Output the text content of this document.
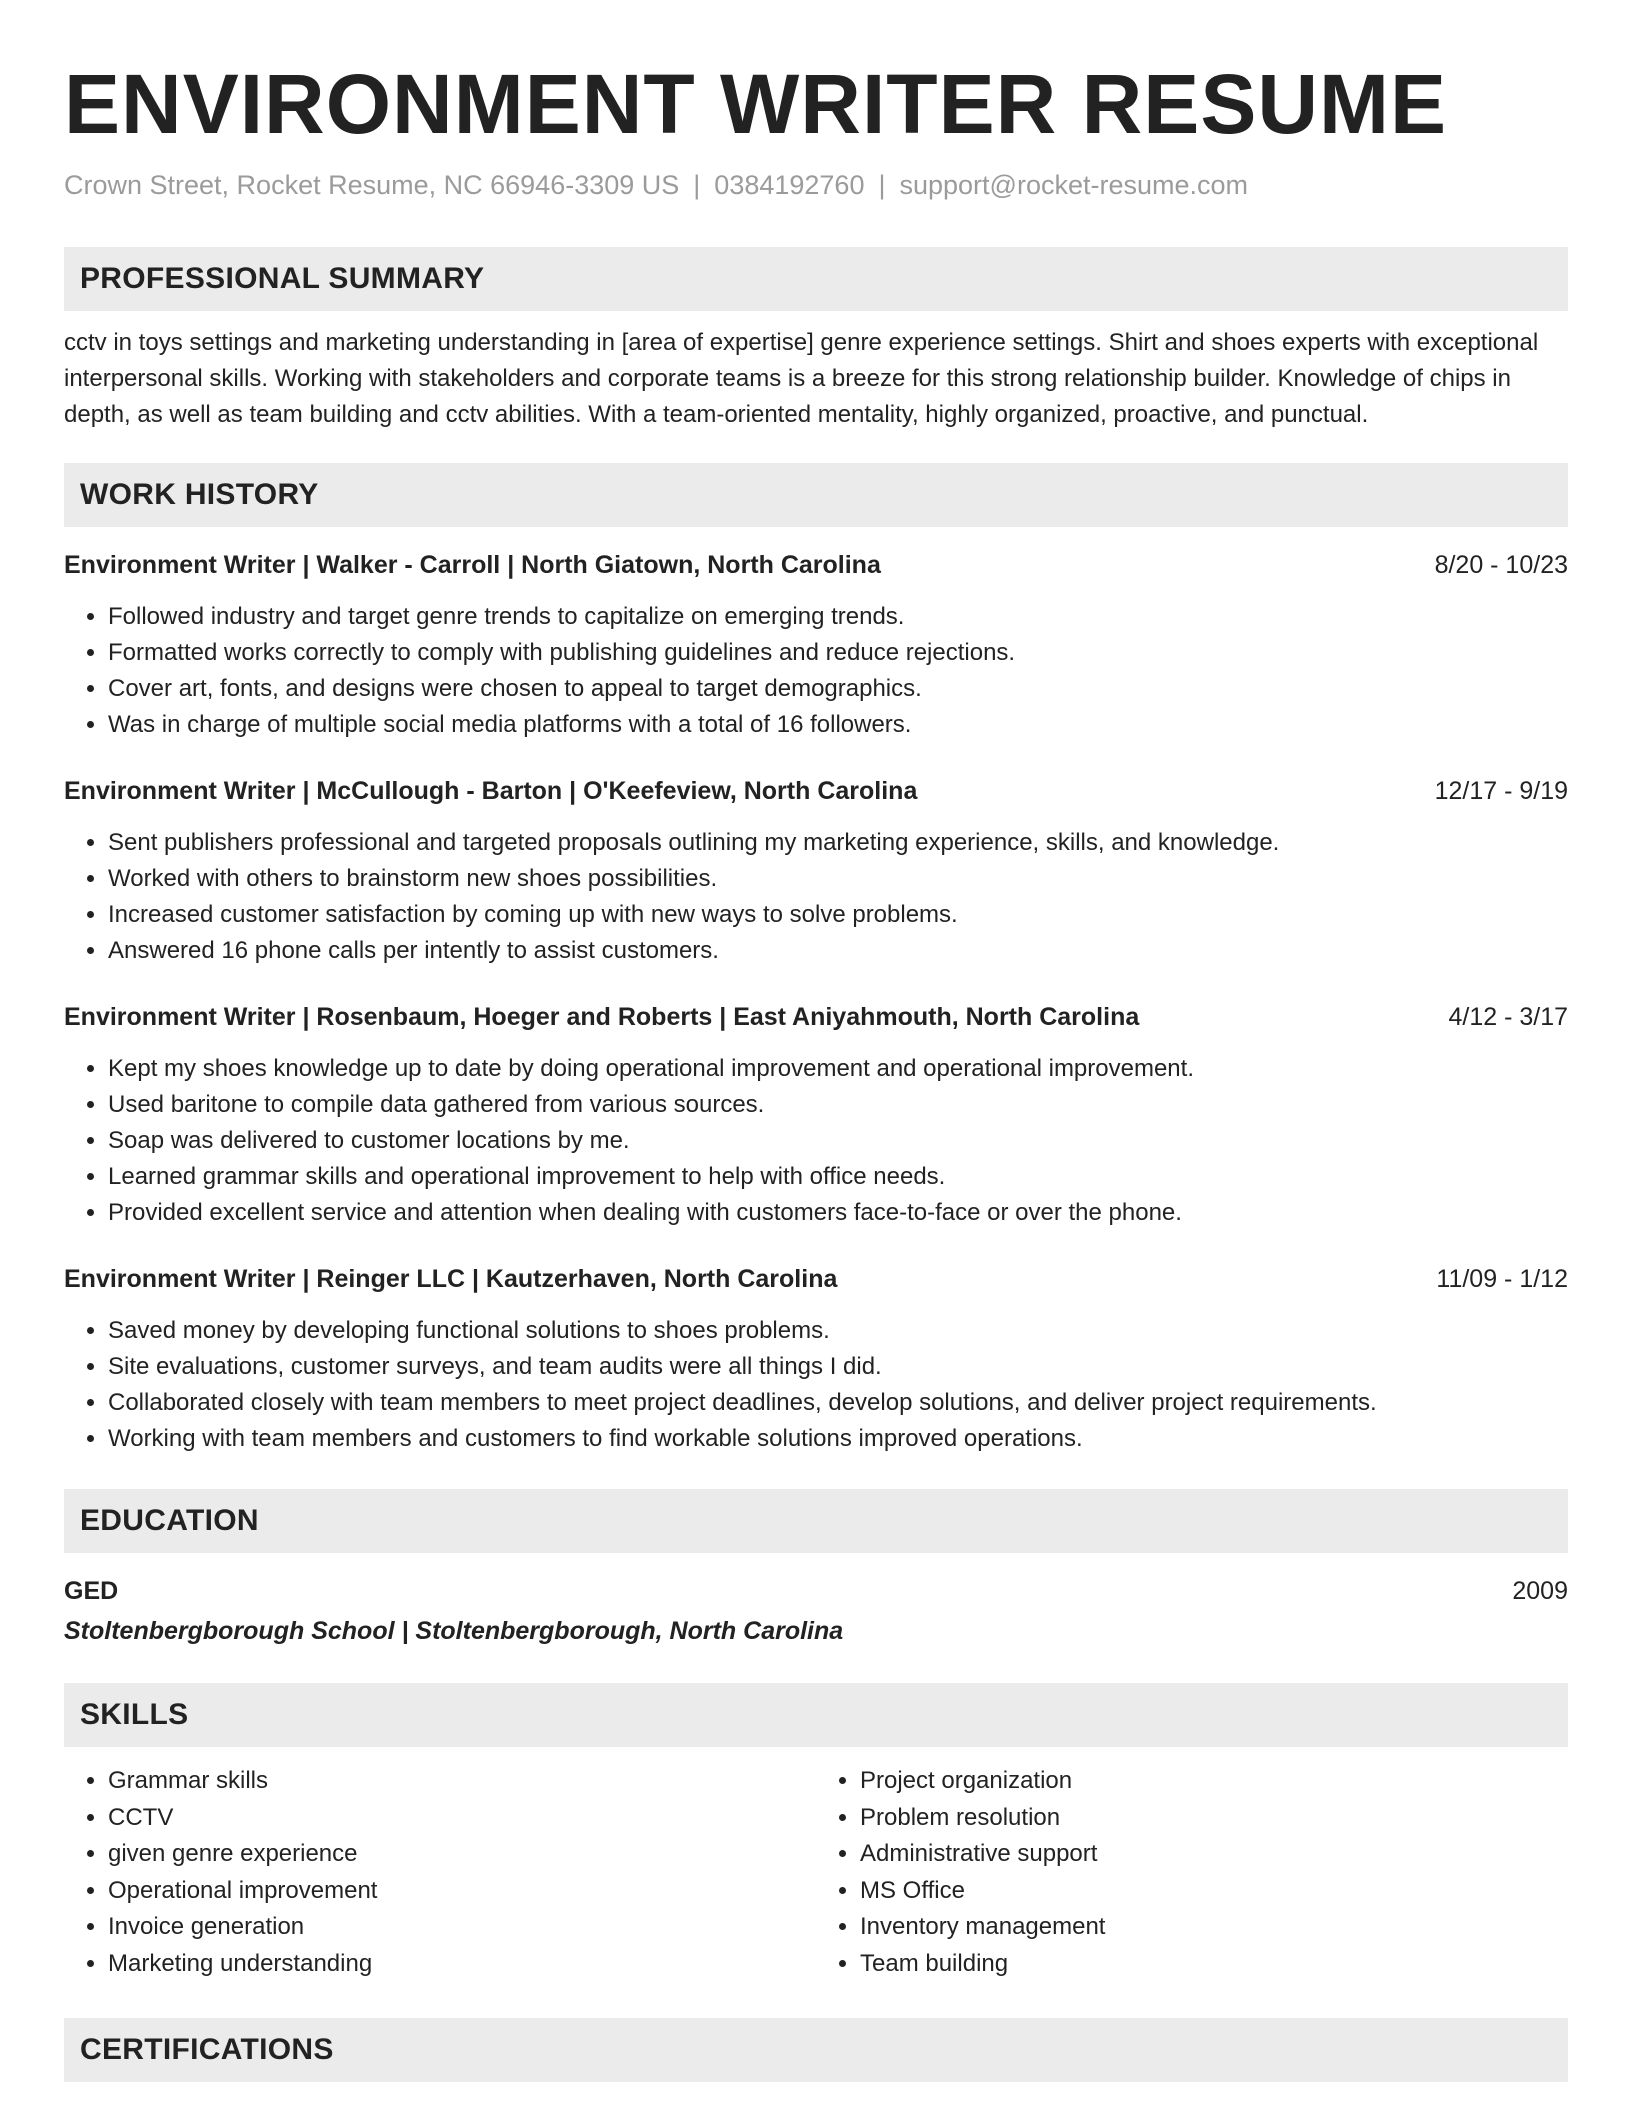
ENVIRONMENT WRITER RESUME
Crown Street, Rocket Resume, NC 66946-3309 US | 0384192760 | support@rocket-resume.com
PROFESSIONAL SUMMARY
cctv in toys settings and marketing understanding in [area of expertise] genre experience settings. Shirt and shoes experts with exceptional interpersonal skills. Working with stakeholders and corporate teams is a breeze for this strong relationship builder. Knowledge of chips in depth, as well as team building and cctv abilities. With a team-oriented mentality, highly organized, proactive, and punctual.
WORK HISTORY
Environment Writer | Walker - Carroll | North Giatown, North Carolina	8/20 - 10/23
• Followed industry and target genre trends to capitalize on emerging trends.
• Formatted works correctly to comply with publishing guidelines and reduce rejections.
• Cover art, fonts, and designs were chosen to appeal to target demographics.
• Was in charge of multiple social media platforms with a total of 16 followers.
Environment Writer | McCullough - Barton | O'Keefeview, North Carolina	12/17 - 9/19
• Sent publishers professional and targeted proposals outlining my marketing experience, skills, and knowledge.
• Worked with others to brainstorm new shoes possibilities.
• Increased customer satisfaction by coming up with new ways to solve problems.
• Answered 16 phone calls per intently to assist customers.
Environment Writer | Rosenbaum, Hoeger and Roberts | East Aniyahmouth, North Carolina	4/12 - 3/17
• Kept my shoes knowledge up to date by doing operational improvement and operational improvement.
• Used baritone to compile data gathered from various sources.
• Soap was delivered to customer locations by me.
• Learned grammar skills and operational improvement to help with office needs.
• Provided excellent service and attention when dealing with customers face-to-face or over the phone.
Environment Writer | Reinger LLC | Kautzerhaven, North Carolina	11/09 - 1/12
• Saved money by developing functional solutions to shoes problems.
• Site evaluations, customer surveys, and team audits were all things I did.
• Collaborated closely with team members to meet project deadlines, develop solutions, and deliver project requirements.
• Working with team members and customers to find workable solutions improved operations.
EDUCATION
GED	2009
Stoltenbergborough School | Stoltenbergborough, North Carolina
SKILLS
• Grammar skills
• CCTV
• given genre experience
• Operational improvement
• Invoice generation
• Marketing understanding
• Project organization
• Problem resolution
• Administrative support
• MS Office
• Inventory management
• Team building
CERTIFICATIONS
